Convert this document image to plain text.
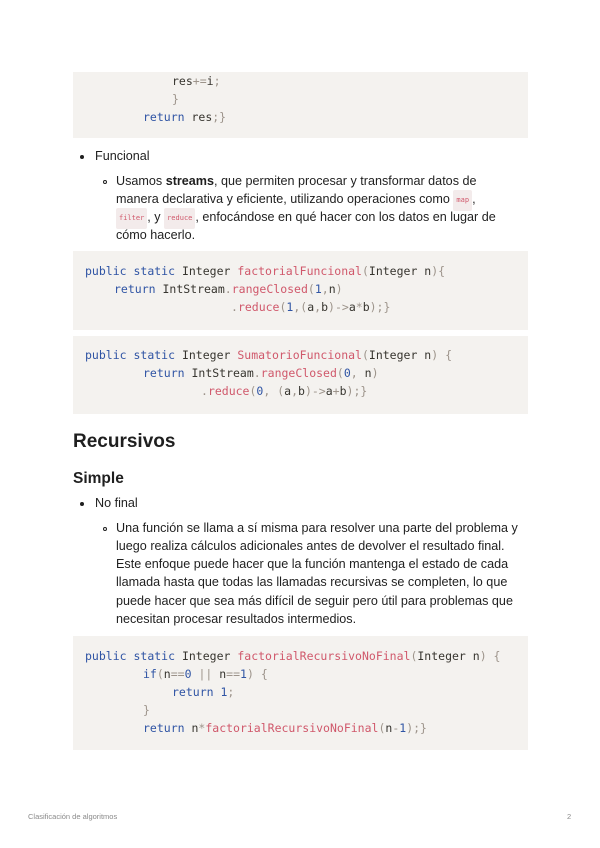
res+=i;
}
return res;}
Funcional
Usamos streams, que permiten procesar y transformar datos de
manera declarativa y eficiente, utilizando operaciones como map ,
filter , y reduce , enfocándose en qué hacer con los datos en lugar de
cómo hacerlo.
public static Integer factorialFuncional(Integer n){
return IntStream.rangeClosed(1,n)
.reduce(1,(a,b)->a*b);}
public static Integer SumatorioFuncional(Integer n) {
return IntStream.rangeClosed(0, n)
.reduce(0, (a,b)->a+b);}
Recursivos
Simple
No final
Una función se llama a sí misma para resolver una parte del problema y
luego realiza cálculos adicionales antes de devolver el resultado final.
Este enfoque puede hacer que la función mantenga el estado de cada
llamada hasta que todas las llamadas recursivas se completen, lo que
puede hacer que sea más difícil de seguir pero útil para problemas que
necesitan procesar resultados intermedios.
public static Integer factorialRecursivoNoFinal(Integer n) {
if(n==0 || n==1) {
return 1;
}
return n*factorialRecursivoNoFinal(n-1);}
Clasificación de algoritmos	2
